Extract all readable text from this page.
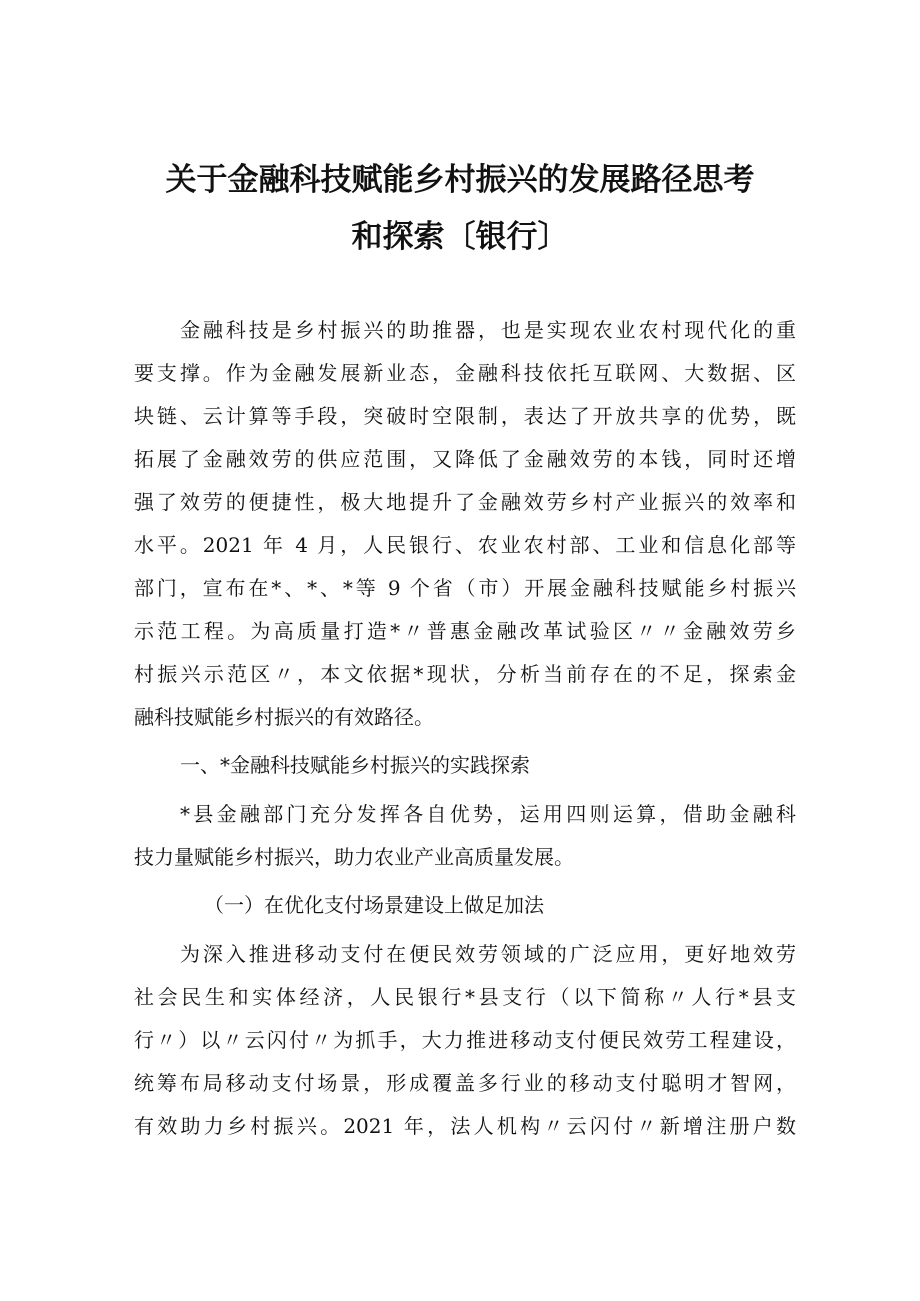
关于金融科技赋能乡村振兴的发展路径思考
和探索〔银行〕
金融科技是乡村振兴的助推器，也是实现农业农村现代化的重
要支撑。作为金融发展新业态，金融科技依托互联网、大数据、区
块链、云计算等手段，突破时空限制，表达了开放共享的优势，既
拓展了金融效劳的供应范围，又降低了金融效劳的本钱，同时还增
强了效劳的便捷性，极大地提升了金融效劳乡村产业振兴的效率和
水平。2021 年 4 月，人民银行、农业农村部、工业和信息化部等
部门，宣布在*、*、*等 9 个省（市）开展金融科技赋能乡村振兴
示范工程。为高质量打造*〃普惠金融改革试验区〃〃金融效劳乡
村振兴示范区〃，本文依据*现状，分析当前存在的不足，探索金
融科技赋能乡村振兴的有效路径。
一、*金融科技赋能乡村振兴的实践探索
*县金融部门充分发挥各自优势，运用四则运算，借助金融科
技力量赋能乡村振兴，助力农业产业高质量发展。
（一）在优化支付场景建设上做足加法
为深入推进移动支付在便民效劳领域的广泛应用，更好地效劳
社会民生和实体经济，人民银行*县支行（以下简称〃人行*县支
行〃）以〃云闪付〃为抓手，大力推进移动支付便民效劳工程建设，
统筹布局移动支付场景，形成覆盖多行业的移动支付聪明才智网，
有效助力乡村振兴。2021 年，法人机构〃云闪付〃新增注册户数
